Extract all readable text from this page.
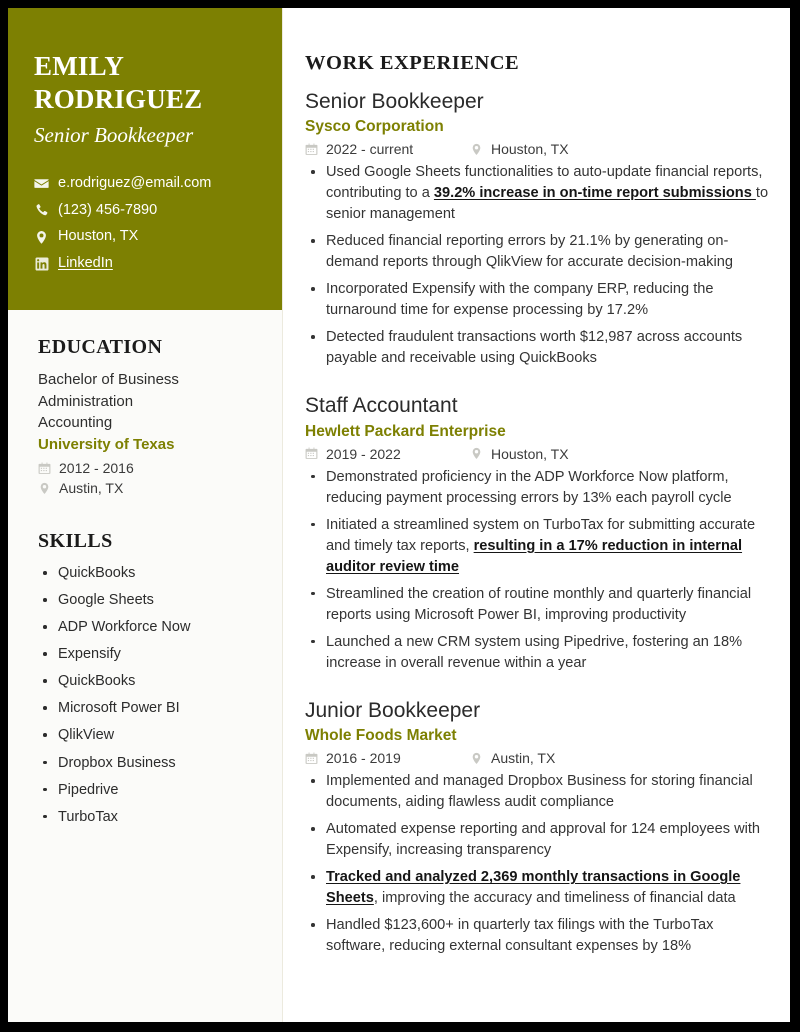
EMILY
RODRIGUEZ
Senior Bookkeeper
e.rodriguez@email.com
(123) 456-7890
Houston, TX
LinkedIn
EDUCATION
Bachelor of Business
Administration
Accounting
University of Texas
2012 - 2016
Austin, TX
SKILLS
QuickBooks
Google Sheets
ADP Workforce Now
Expensify
QuickBooks
Microsoft Power BI
QlikView
Dropbox Business
Pipedrive
TurboTax
WORK EXPERIENCE
Senior Bookkeeper
Sysco Corporation
2022 - current	Houston, TX
Used Google Sheets functionalities to auto-update financial reports, contributing to a 39.2% increase in on-time report submissions to senior management
Reduced financial reporting errors by 21.1% by generating on-demand reports through QlikView for accurate decision-making
Incorporated Expensify with the company ERP, reducing the turnaround time for expense processing by 17.2%
Detected fraudulent transactions worth $12,987 across accounts payable and receivable using QuickBooks
Staff Accountant
Hewlett Packard Enterprise
2019 - 2022	Houston, TX
Demonstrated proficiency in the ADP Workforce Now platform, reducing payment processing errors by 13% each payroll cycle
Initiated a streamlined system on TurboTax for submitting accurate and timely tax reports, resulting in a 17% reduction in internal auditor review time
Streamlined the creation of routine monthly and quarterly financial reports using Microsoft Power BI, improving productivity
Launched a new CRM system using Pipedrive, fostering an 18% increase in overall revenue within a year
Junior Bookkeeper
Whole Foods Market
2016 - 2019	Austin, TX
Implemented and managed Dropbox Business for storing financial documents, aiding flawless audit compliance
Automated expense reporting and approval for 124 employees with Expensify, increasing transparency
Tracked and analyzed 2,369 monthly transactions in Google Sheets, improving the accuracy and timeliness of financial data
Handled $123,600+ in quarterly tax filings with the TurboTax software, reducing external consultant expenses by 18%
